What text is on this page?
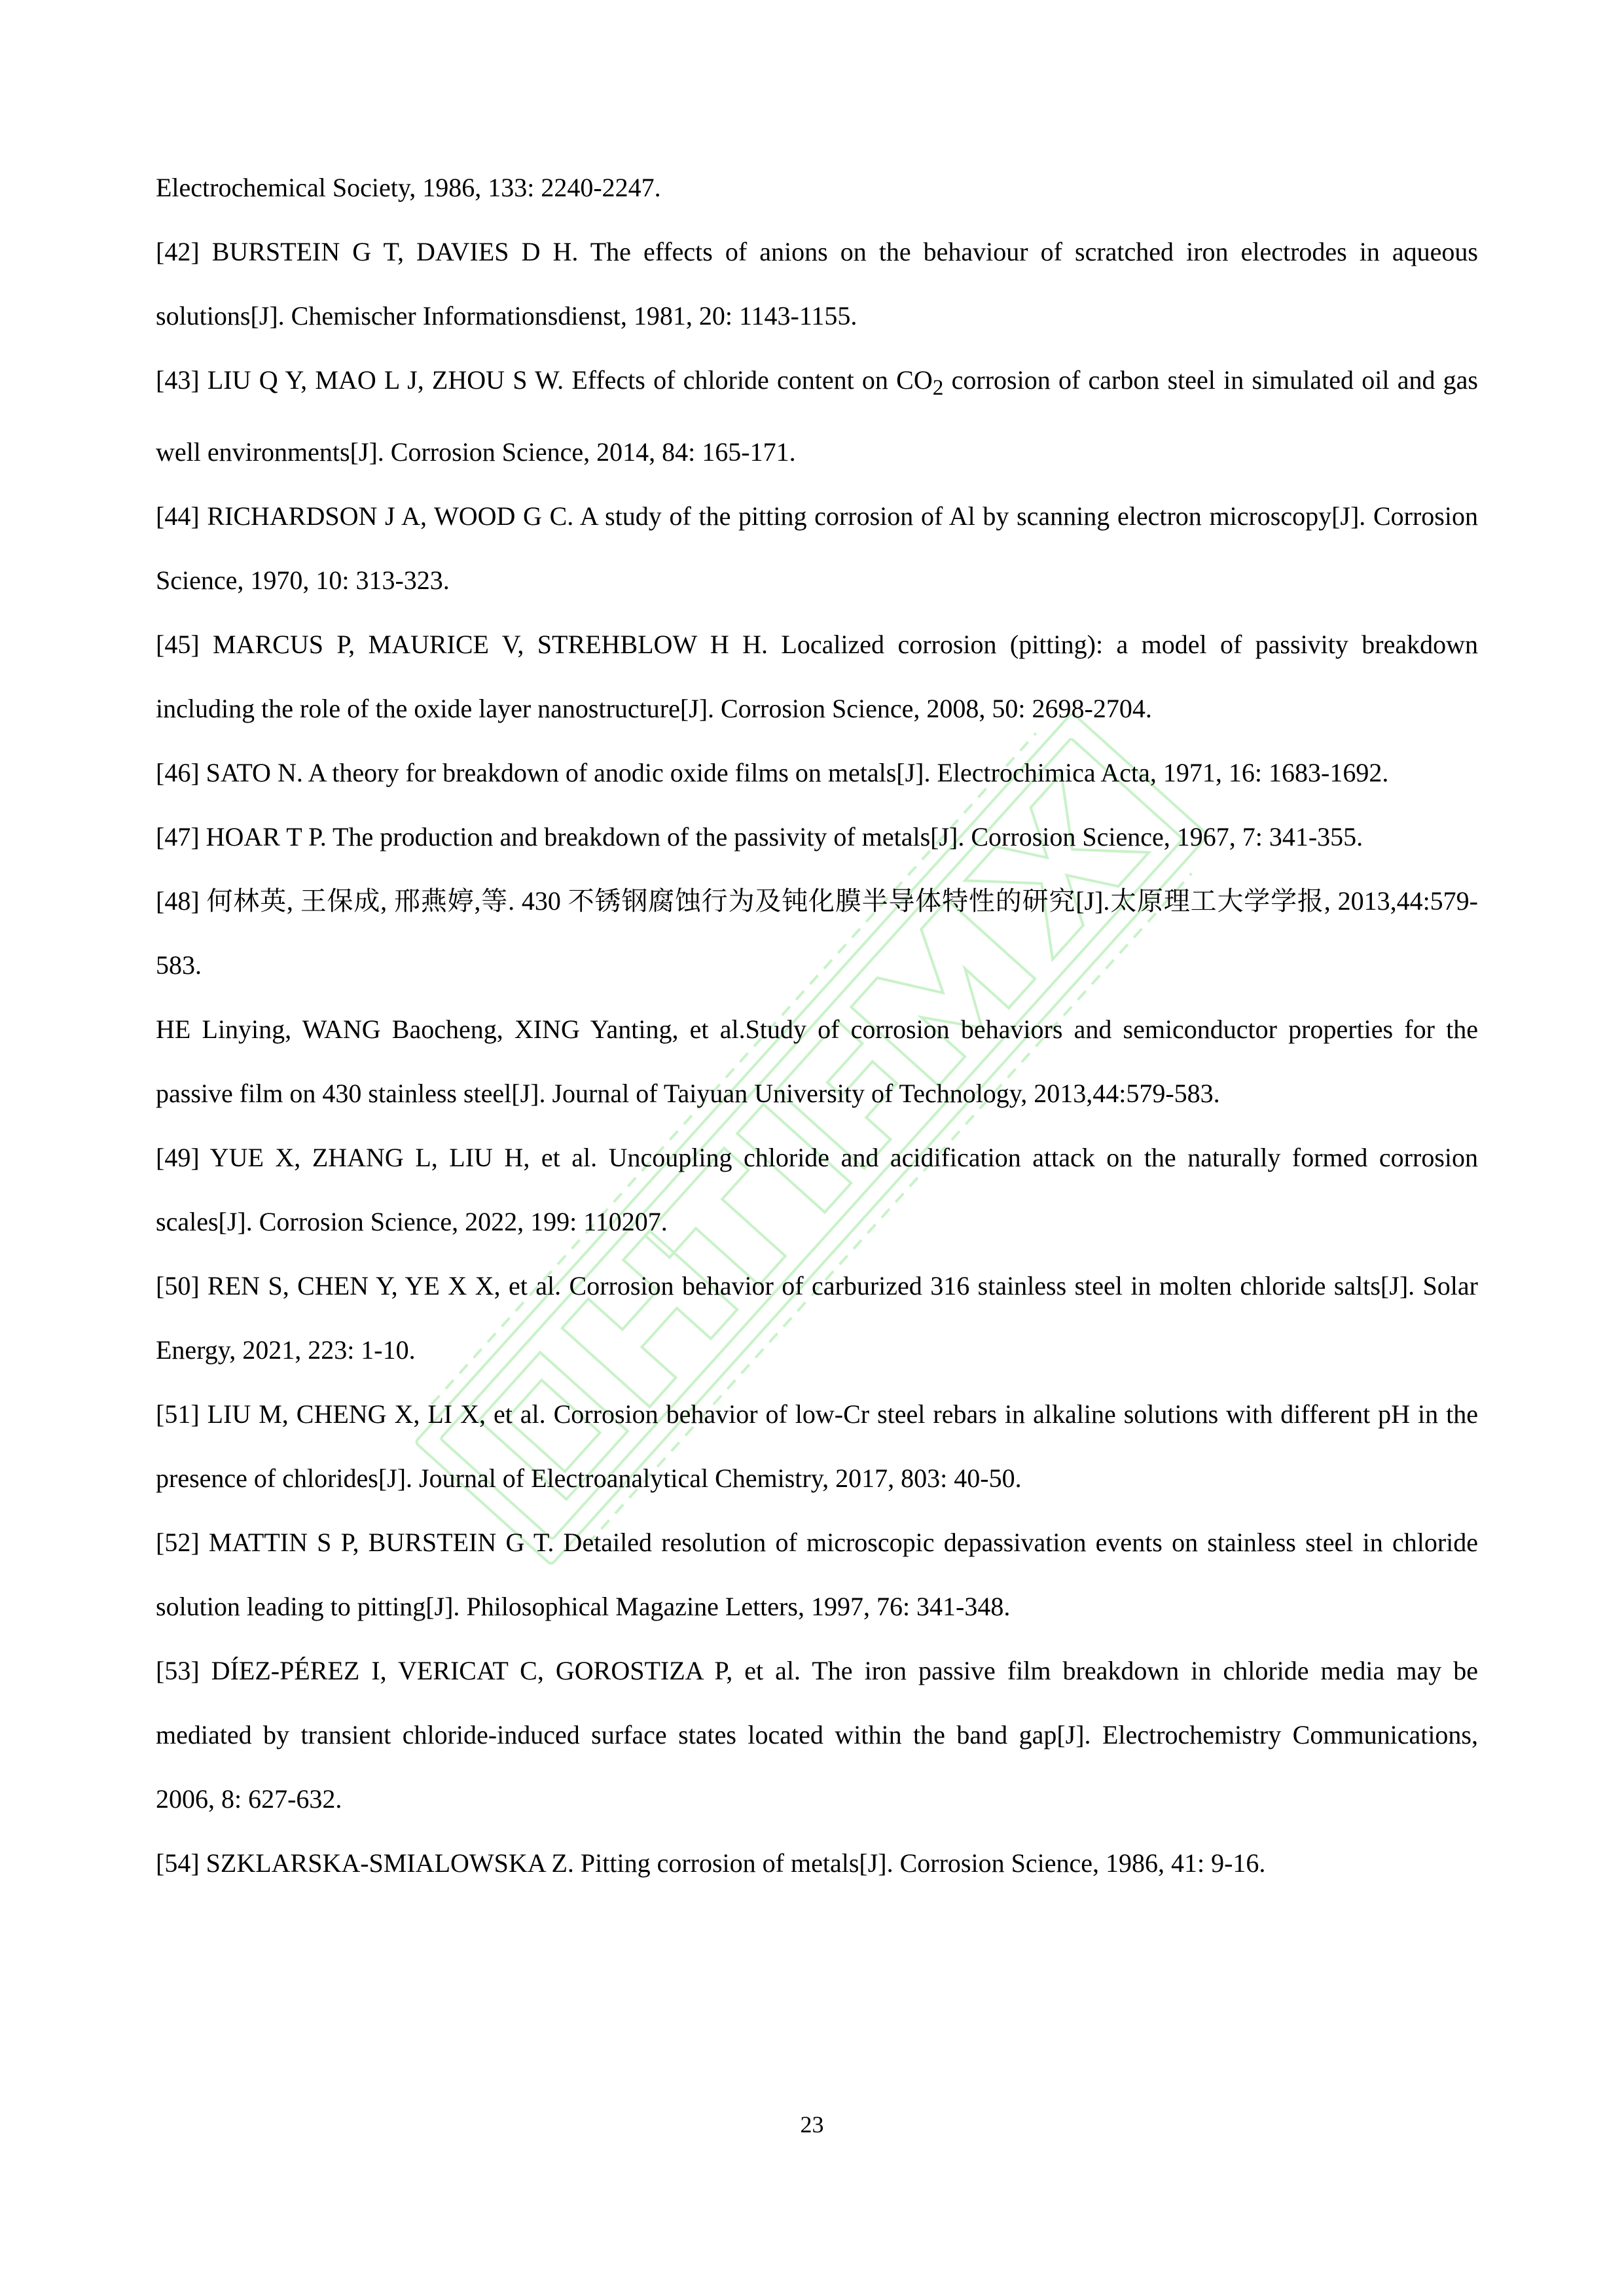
Electrochemical Society, 1986, 133: 2240-2247.

[42] BURSTEIN G T, DAVIES D H. The effects of anions on the behaviour of scratched iron electrodes in aqueous solutions[J]. Chemischer Informationsdienst, 1981, 20: 1143-1155.

[43] LIU Q Y, MAO L J, ZHOU S W. Effects of chloride content on $CO_2$ corrosion of carbon steel in simulated oil and gas well environments[J]. Corrosion Science, 2014, 84: 165-171.

[44] RICHARDSON J A, WOOD G C. A study of the pitting corrosion of Al by scanning electron microscopy[J]. Corrosion Science, 1970, 10: 313-323.

[45] MARCUS P, MAURICE V, STREHBLOW H H. Localized corrosion (pitting): a model of passivity breakdown including the role of the oxide layer nanostructure[J]. Corrosion Science, 2008, 50: 2698-2704.

[46] SATO N. A theory for breakdown of anodic oxide films on metals[J]. Electrochimica Acta, 1971, 16: 1683-1692.

[47] HOAR T P. The production and breakdown of the passivity of metals[J]. Corrosion Science, 1967, 7: 341-355.

[48] 何林英, 王保成, 邢燕婷,等. 430 不锈钢腐蚀行为及钝化膜半导体特性的研究[J].太原理工大学学报, 2013,44:579-583.

HE Linying, WANG Baocheng, XING Yanting, et al.Study of corrosion behaviors and semiconductor properties for the passive film on 430 stainless steel[J]. Journal of Taiyuan University of Technology, 2013,44:579-583.

[49] YUE X, ZHANG L, LIU H, et al. Uncoupling chloride and acidification attack on the naturally formed corrosion scales[J]. Corrosion Science, 2022, 199: 110207.

[50] REN S, CHEN Y, YE X X, et al. Corrosion behavior of carburized 316 stainless steel in molten chloride salts[J]. Solar Energy, 2021, 223: 1-10.

[51] LIU M, CHENG X, LI X, et al. Corrosion behavior of low-Cr steel rebars in alkaline solutions with different pH in the presence of chlorides[J]. Journal of Electroanalytical Chemistry, 2017, 803: 40-50.

[52] MATTIN S P, BURSTEIN G T. Detailed resolution of microscopic depassivation events on stainless steel in chloride solution leading to pitting[J]. Philosophical Magazine Letters, 1997, 76: 341-348.

[53] DÍEZ-PÉREZ I, VERICAT C, GOROSTIZA P, et al. The iron passive film breakdown in chloride media may be mediated by transient chloride-induced surface states located within the band gap[J]. Electrochemistry Communications, 2006, 8: 627-632.

[54] SZKLARSKA-SMIALOWSKA Z. Pitting corrosion of metals[J]. Corrosion Science, 1986, 41: 9-16.

23
